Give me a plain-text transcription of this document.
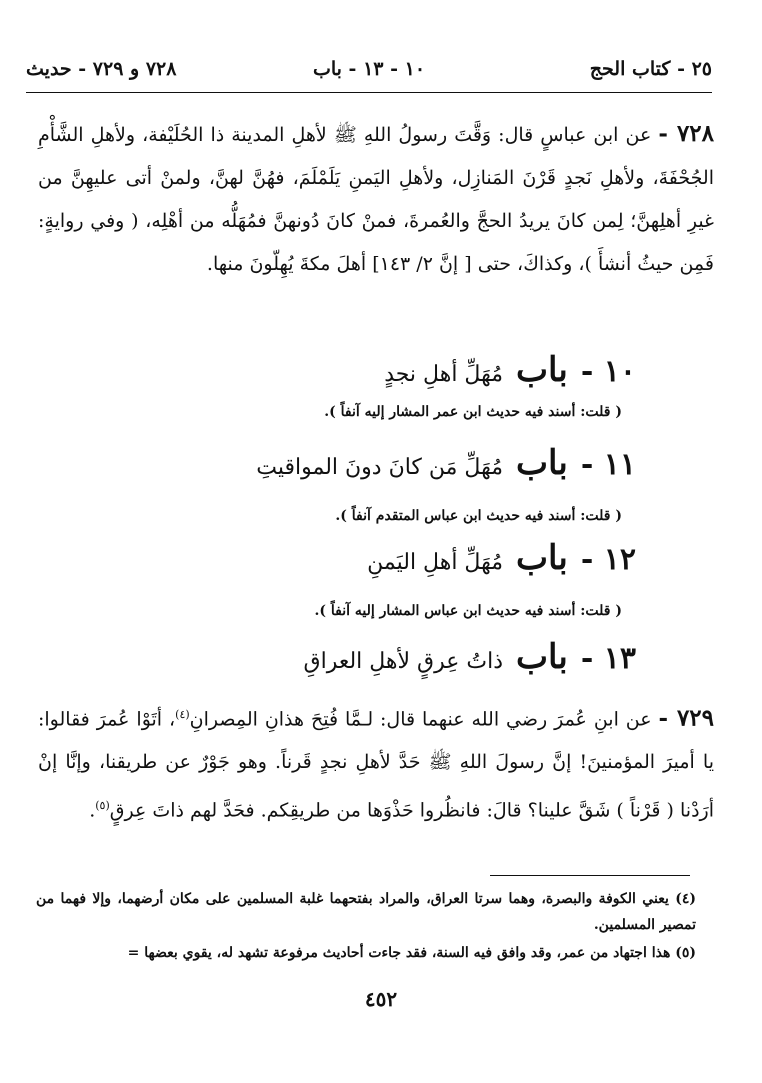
٢٥ - كتاب الحج
١٠ - ١٣ - باب
٧٢٨ و ٧٢٩ - حديث
٧٢٨ - عن ابن عباسٍ قال: وَقَّتَ رسولُ اللهِ ﷺ لأهلِ المدينة ذا الحُلَيْفة، ولأهلِ الشَّأْمِ الجُحْفَةَ، ولأهلِ نَجدٍ قَرْنَ المَنازِل، ولأهلِ اليَمنِ يَلَمْلَمَ، فهُنَّ لهنَّ، ولمنْ أتى عليهِنَّ من غيرِ أهلِهنَّ؛ لِمن كانَ يريدُ الحجَّ والعُمرةَ، فمنْ كانَ دُونهنَّ فمُهَلُّه من أهْلِه، ( وفي روايةٍ: فَمِن حيثُ أنشأَ )، وكذاكَ، حتى [ إنَّ ٢/ ١٤٣] أهلَ مكةَ يُهِلّونَ منها.
١٠ - باب مُهَلِّ أهلِ نجدٍ
( قلت: أسند فيه حديث ابن عمر المشار إليه آنفاً ).
١١ - باب مُهَلِّ مَن كانَ دونَ المواقيتِ
( قلت: أسند فيه حديث ابن عباس المتقدم آنفاً ).
١٢ - باب مُهَلِّ أهلِ اليَمنِ
( قلت: أسند فيه حديث ابن عباس المشار إليه آنفاً ).
١٣ - باب ذاتُ عِرقٍ لأهلِ العراقِ
٧٢٩ - عن ابنِ عُمرَ رضي الله عنهما قال: لـمَّا فُتِحَ هذانِ المِصرانِ$^{(٤)}$، أتَوْا عُمرَ فقالوا: يا أميرَ المؤمنينَ! إنَّ رسولَ اللهِ ﷺ حَدَّ لأهلِ نجدٍ قَرناً. وهو جَوْرٌ عن طريقنا، وإنَّا إنْ أرَدْنا ( قَرْناً ) شَقَّ علينا؟ قالَ: فانظُروا حَذْوَها من طريقِكم. فحَدَّ لهم ذاتَ عِرقٍ$^{(٥)}$.
(٤) يعني الكوفة والبصرة، وهما سرتا العراق، والمراد بفتحهما غلبة المسلمين على مكان أرضهما، وإلا فهما من تمصير المسلمين.
(٥) هذا اجتهاد من عمر، وقد وافق فيه السنة، فقد جاءت أحاديث مرفوعة تشهد له، يقوي بعضها =
٤٥٢
